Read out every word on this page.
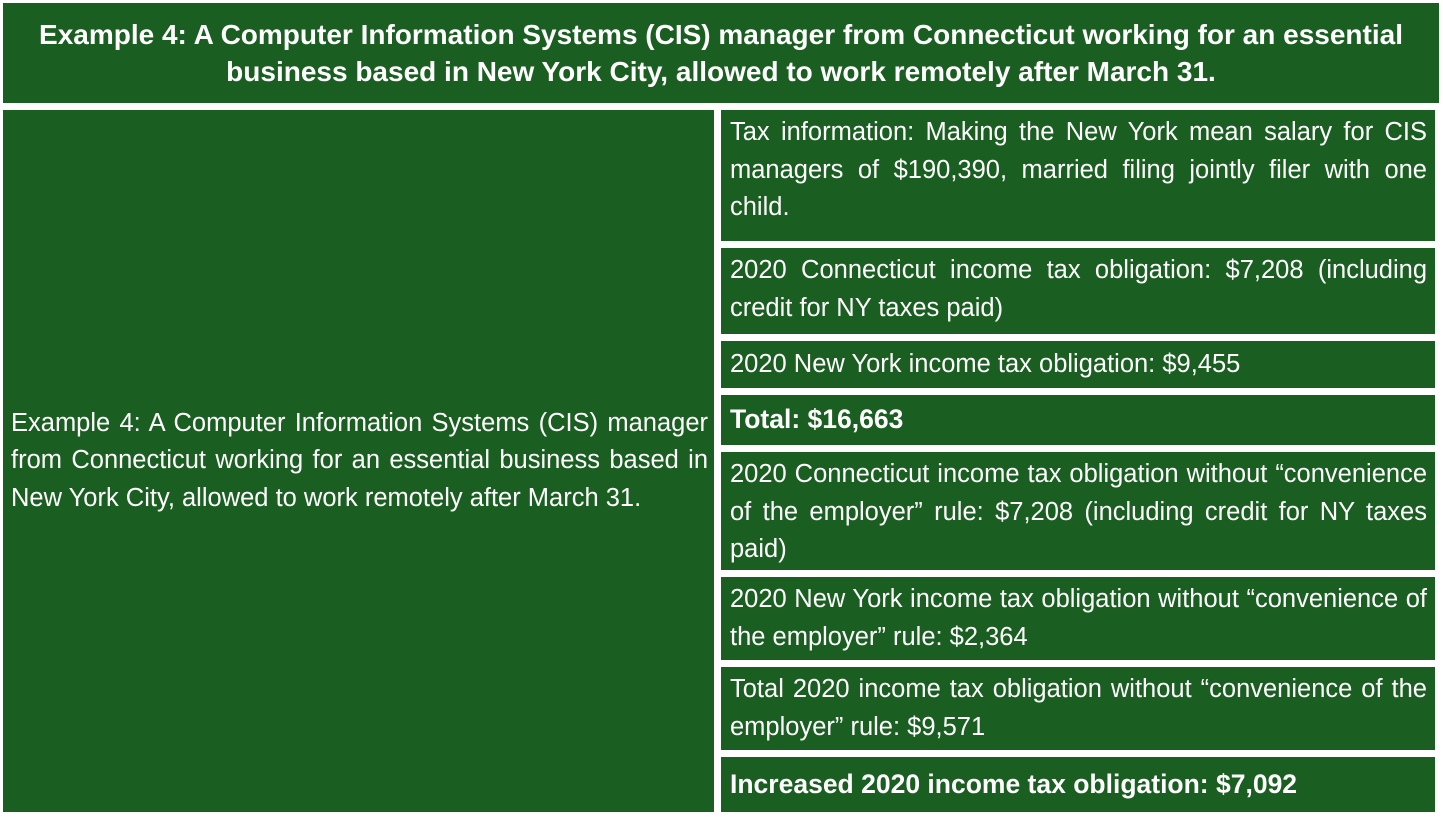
Example 4: A Computer Information Systems (CIS) manager from Connecticut working for an essential business based in New York City, allowed to work remotely after March 31.
Example 4: A Computer Information Systems (CIS) manager from Connecticut working for an essential business based in New York City, allowed to work remotely after March 31.
Tax information: Making the New York mean salary for CIS managers of $190,390, married filing jointly filer with one child.
2020 Connecticut income tax obligation: $7,208 (including credit for NY taxes paid)
2020 New York income tax obligation: $9,455
Total: $16,663
2020 Connecticut income tax obligation without “convenience of the employer” rule: $7,208 (including credit for NY taxes paid)
2020 New York income tax obligation without “convenience of the employer” rule: $2,364
Total 2020 income tax obligation without “convenience of the employer” rule: $9,571
Increased 2020 income tax obligation: $7,092
